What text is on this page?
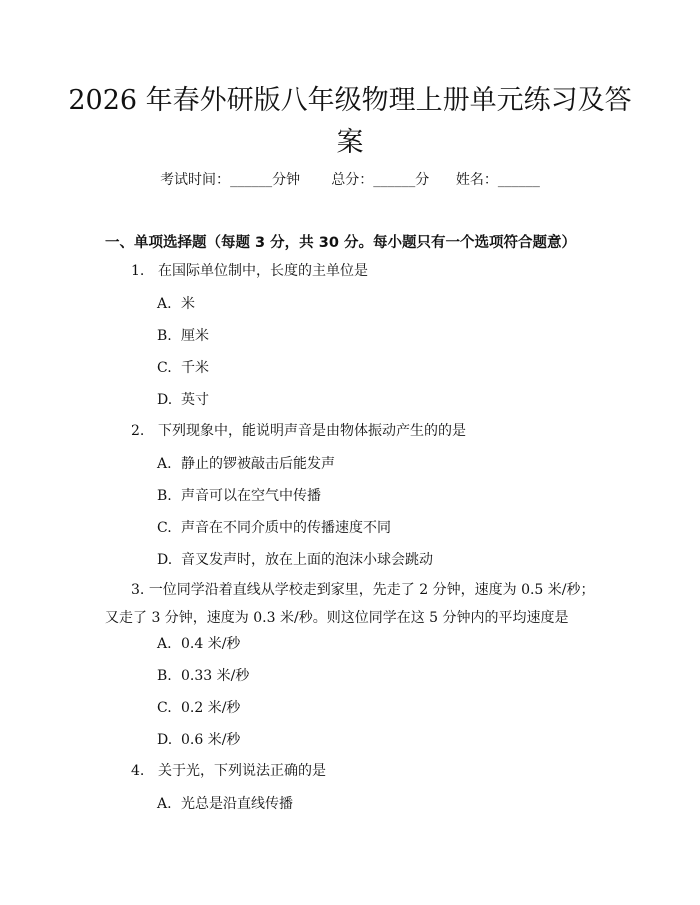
2026 年春外研版八年级物理上册单元练习及答案
考试时间：______分钟 总分：______分 姓名：______
一、单项选择题（每题 3 分，共 30 分。每小题只有一个选项符合题意）
1. 在国际单位制中，长度的主单位是
A. 米
B. 厘米
C. 千米
D. 英寸
2. 下列现象中，能说明声音是由物体振动产生的的是
A. 静止的锣被敲击后能发声
B. 声音可以在空气中传播
C. 声音在不同介质中的传播速度不同
D. 音叉发声时，放在上面的泡沫小球会跳动
3. 一位同学沿着直线从学校走到家里，先走了 2 分钟，速度为 0.5 米/秒；又走了 3 分钟，速度为 0.3 米/秒。则这位同学在这 5 分钟内的平均速度是
A. 0.4 米/秒
B. 0.33 米/秒
C. 0.2 米/秒
D. 0.6 米/秒
4. 关于光，下列说法正确的是
A. 光总是沿直线传播
